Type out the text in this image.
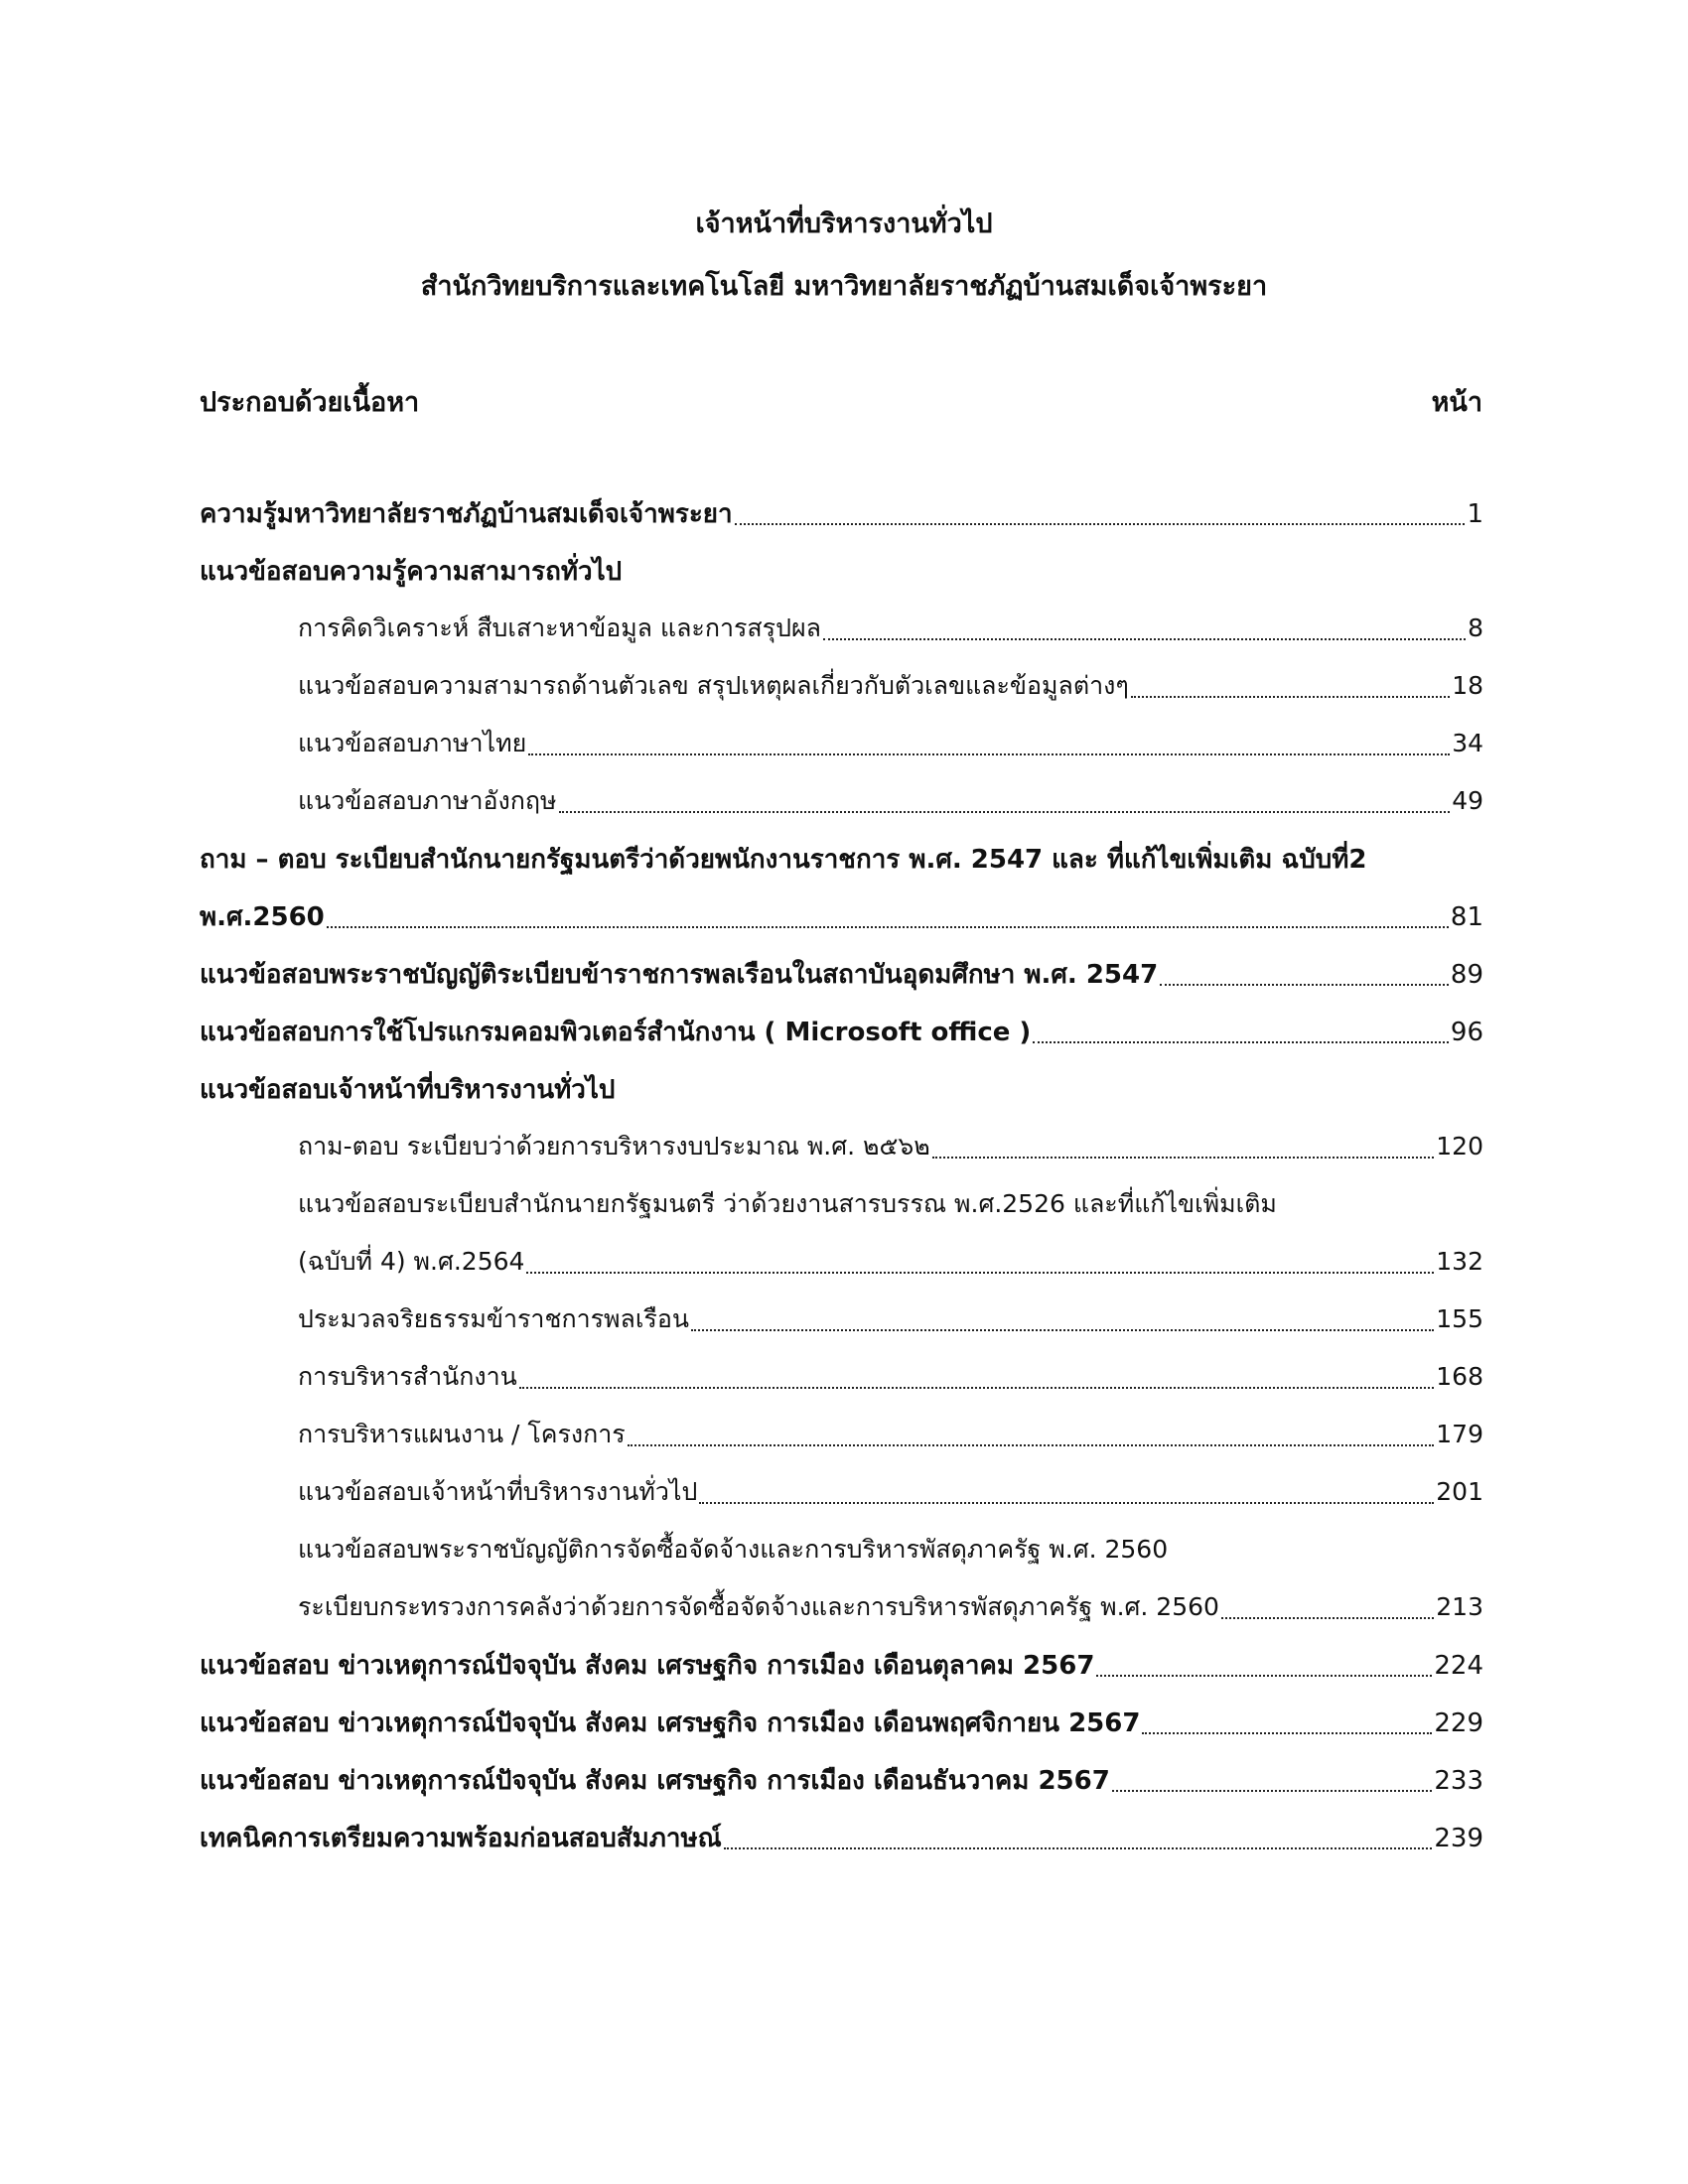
เจ้าหน้าที่บริหารงานทั่วไป
สำนักวิทยบริการและเทคโนโลยี มหาวิทยาลัยราชภัฏบ้านสมเด็จเจ้าพระยา
ประกอบด้วยเนื้อหา	หน้า
ความรู้มหาวิทยาลัยราชภัฏบ้านสมเด็จเจ้าพระยา	1
แนวข้อสอบความรู้ความสามารถทั่วไป
การคิดวิเคราะห์ สืบเสาะหาข้อมูล และการสรุปผล	8
แนวข้อสอบความสามารถด้านตัวเลข สรุปเหตุผลเกี่ยวกับตัวเลขและข้อมูลต่างๆ	18
แนวข้อสอบภาษาไทย	34
แนวข้อสอบภาษาอังกฤษ	49
ถาม – ตอบ ระเบียบสำนักนายกรัฐมนตรีว่าด้วยพนักงานราชการ พ.ศ. 2547 และ ที่แก้ไขเพิ่มเติม ฉบับที่2
พ.ศ.2560	81
แนวข้อสอบพระราชบัญญัติระเบียบข้าราชการพลเรือนในสถาบันอุดมศึกษา พ.ศ. 2547	89
แนวข้อสอบการใช้โปรแกรมคอมพิวเตอร์สำนักงาน ( Microsoft office )	96
แนวข้อสอบเจ้าหน้าที่บริหารงานทั่วไป
ถาม-ตอบ ระเบียบว่าด้วยการบริหารงบประมาณ พ.ศ. ๒๕๖๒	120
แนวข้อสอบระเบียบสำนักนายกรัฐมนตรี ว่าด้วยงานสารบรรณ พ.ศ.2526 และที่แก้ไขเพิ่มเติม
(ฉบับที่ 4) พ.ศ.2564	132
ประมวลจริยธรรมข้าราชการพลเรือน	155
การบริหารสำนักงาน	168
การบริหารแผนงาน / โครงการ	179
แนวข้อสอบเจ้าหน้าที่บริหารงานทั่วไป	201
แนวข้อสอบพระราชบัญญัติการจัดซื้อจัดจ้างและการบริหารพัสดุภาครัฐ พ.ศ. 2560
ระเบียบกระทรวงการคลังว่าด้วยการจัดซื้อจัดจ้างและการบริหารพัสดุภาครัฐ พ.ศ. 2560	213
แนวข้อสอบ ข่าวเหตุการณ์ปัจจุบัน สังคม เศรษฐกิจ การเมือง เดือนตุลาคม 2567	224
แนวข้อสอบ ข่าวเหตุการณ์ปัจจุบัน สังคม เศรษฐกิจ การเมือง เดือนพฤศจิกายน 2567	229
แนวข้อสอบ ข่าวเหตุการณ์ปัจจุบัน สังคม เศรษฐกิจ การเมือง เดือนธันวาคม 2567	233
เทคนิคการเตรียมความพร้อมก่อนสอบสัมภาษณ์	239
